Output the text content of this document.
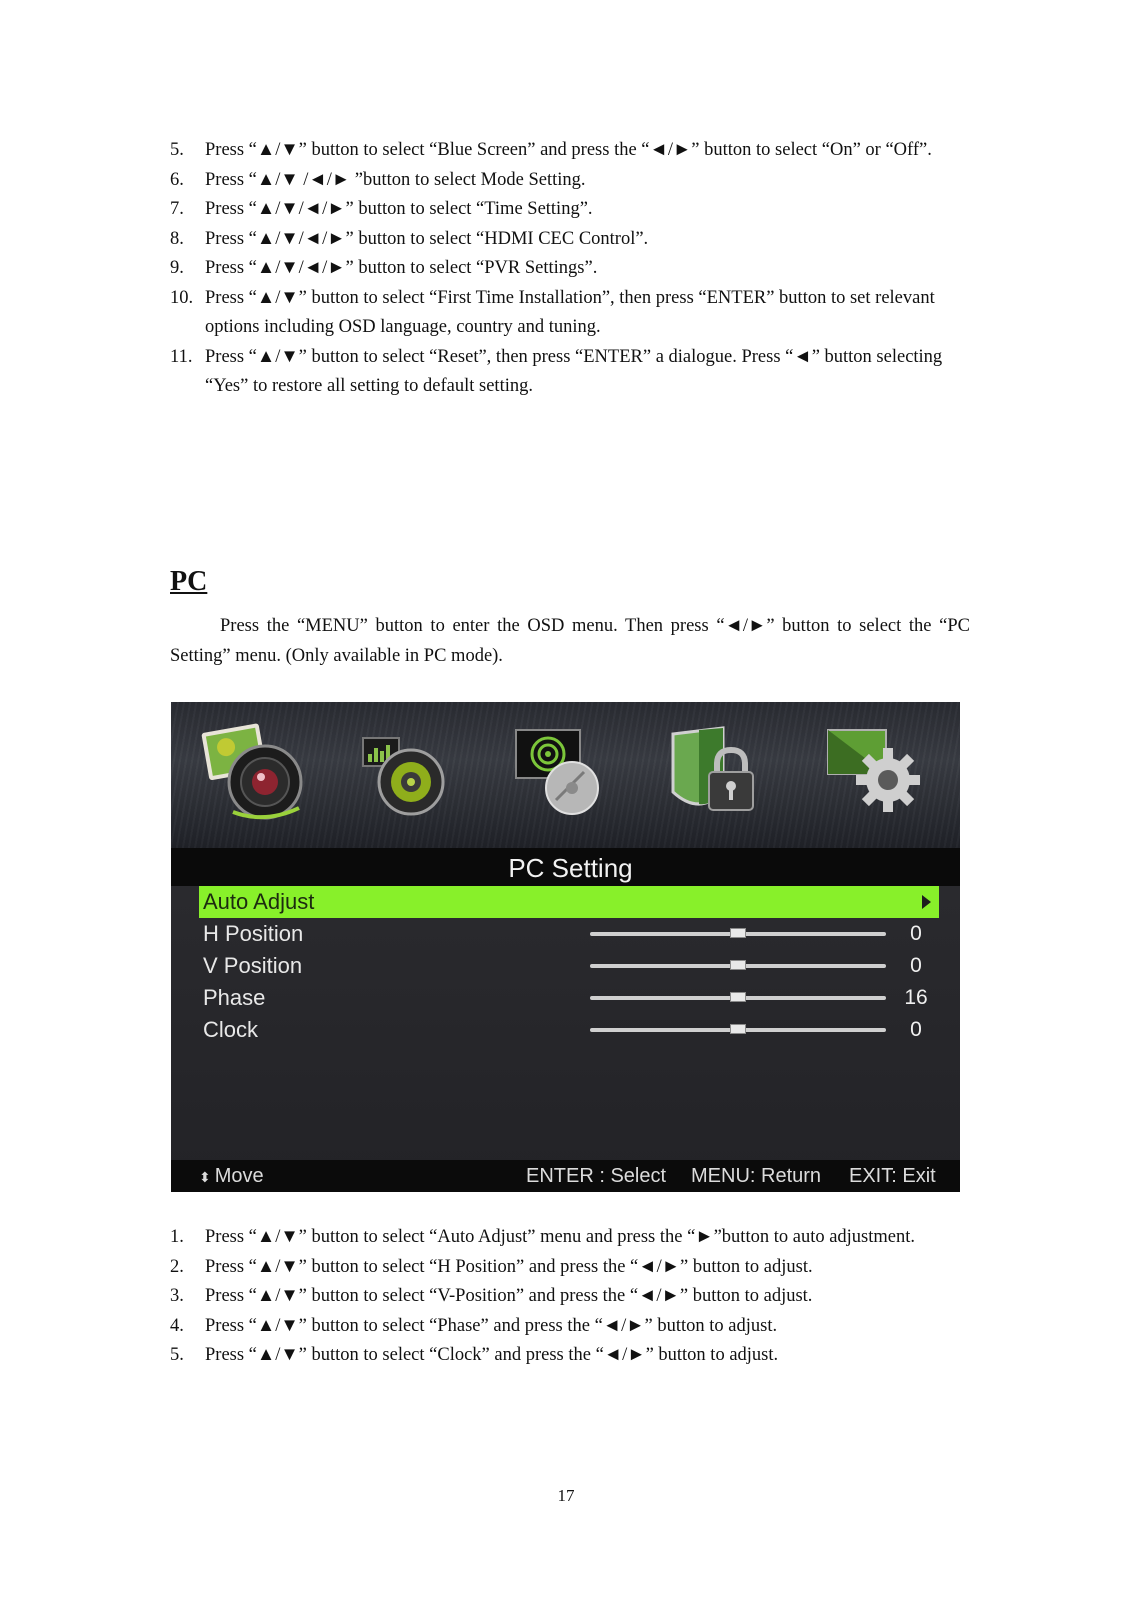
5. Press “▲/▼” button to select “Blue Screen” and press the “◄/►” button to select “On” or “Off”.
6. Press “▲/▼ /◄/► ”button to select Mode Setting.
7. Press “▲/▼/◄/►” button to select “Time Setting”.
8. Press “▲/▼/◄/►” button to select “HDMI CEC Control”.
9. Press “▲/▼/◄/►” button to select “PVR Settings”.
10. Press “▲/▼” button to select “First Time Installation”, then press “ENTER” button to set relevant options including OSD language, country and tuning.
11. Press “▲/▼” button to select “Reset”, then press “ENTER” a dialogue. Press “◄” button selecting “Yes” to restore all setting to default setting.
PC

Press the “MENU” button to enter the OSD menu. Then press “◄/►” button to select the “PC Setting” menu. (Only available in PC mode).

PC Setting
Auto Adjust
H Position	0
V Position	0
Phase	16
Clock	0
⬍ Move	ENTER : Select MENU: Return EXIT: Exit
1. Press “▲/▼” button to select “Auto Adjust” menu and press the “►”button to auto adjustment.
2. Press “▲/▼” button to select “H Position” and press the “◄/►” button to adjust.
3. Press “▲/▼” button to select “V-Position” and press the “◄/►” button to adjust.
4. Press “▲/▼” button to select “Phase” and press the “◄/►” button to adjust.
5. Press “▲/▼” button to select “Clock” and press the “◄/►” button to adjust.
17
